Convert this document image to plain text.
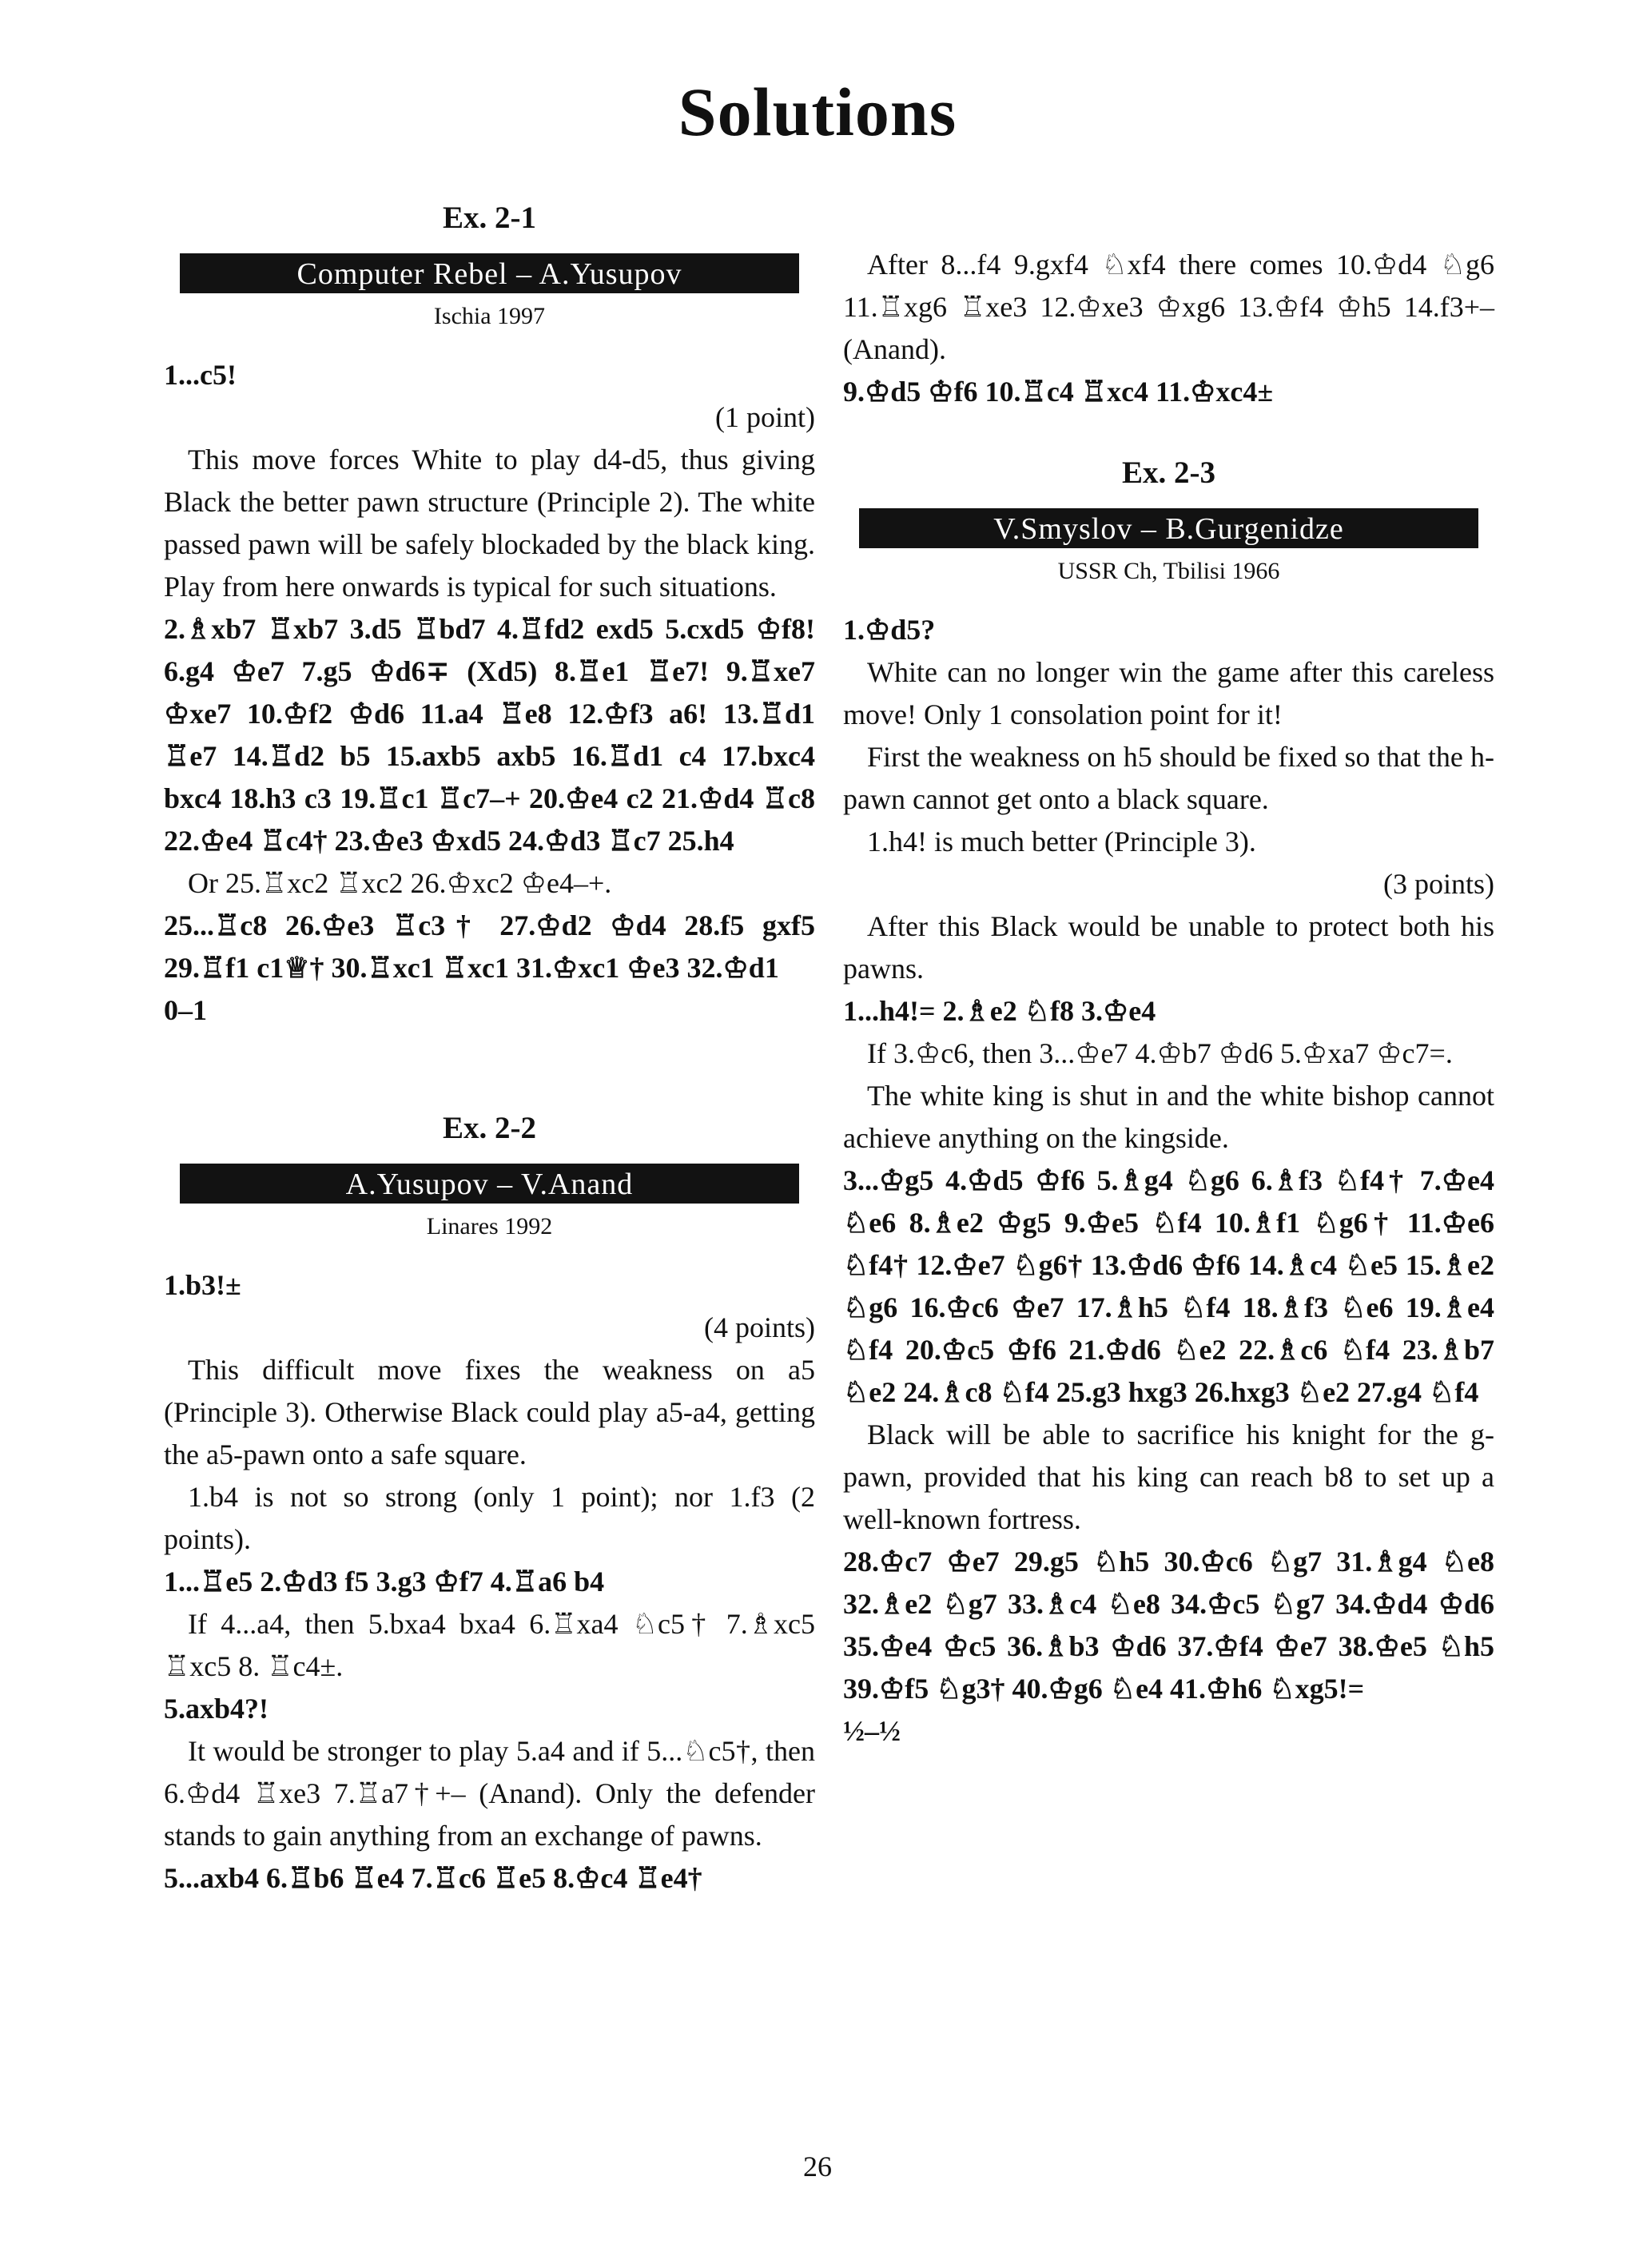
Solutions
Ex. 2-1
Computer Rebel – A.Yusupov
Ischia 1997

1...c5!

(1 point)

This move forces White to play d4-d5, thus giving Black the better pawn structure (Principle 2). The white passed pawn will be safely blockaded by the black king. Play from here onwards is typical for such situations.

2.♗xb7 ♖xb7 3.d5 ♖bd7 4.♖fd2 exd5 5.cxd5 ♔f8! 6.g4 ♔e7 7.g5 ♔d6∓ (Xd5) 8.♖e1 ♖e7! 9.♖xe7 ♔xe7 10.♔f2 ♔d6 11.a4 ♖e8 12.♔f3 a6! 13.♖d1 ♖e7 14.♖d2 b5 15.axb5 axb5 16.♖d1 c4 17.bxc4 bxc4 18.h3 c3 19.♖c1 ♖c7–+ 20.♔e4 c2 21.♔d4 ♖c8 22.♔e4 ♖c4† 23.♔e3 ♔xd5 24.♔d3 ♖c7 25.h4

Or 25.♖xc2 ♖xc2 26.♔xc2 ♔e4–+.

25...♖c8 26.♔e3 ♖c3† 27.♔d2 ♔d4 28.f5 gxf5 29.♖f1 c1♕† 30.♖xc1 ♖xc1 31.♔xc1 ♔e3 32.♔d1

0–1

Ex. 2-2
A.Yusupov – V.Anand
Linares 1992

1.b3!±

(4 points)

This difficult move fixes the weakness on a5 (Principle 3). Otherwise Black could play a5-a4, getting the a5-pawn onto a safe square.

1.b4 is not so strong (only 1 point); nor 1.f3 (2 points).

1...♖e5 2.♔d3 f5 3.g3 ♔f7 4.♖a6 b4

If 4...a4, then 5.bxa4 bxa4 6.♖xa4 ♘c5† 7.♗xc5 ♖xc5 8. ♖c4±.

5.axb4?!

It would be stronger to play 5.a4 and if 5...♘c5†, then 6.♔d4 ♖xe3 7.♖a7†+– (Anand). Only the defender stands to gain anything from an exchange of pawns.

5...axb4 6.♖b6 ♖e4 7.♖c6 ♖e5 8.♔c4 ♖e4†

After 8...f4 9.gxf4 ♘xf4 there comes 10.♔d4 ♘g6 11.♖xg6 ♖xe3 12.♔xe3 ♔xg6 13.♔f4 ♔h5 14.f3+– (Anand).

9.♔d5 ♔f6 10.♖c4 ♖xc4 11.♔xc4±

Ex. 2-3
V.Smyslov – B.Gurgenidze
USSR Ch, Tbilisi 1966

1.♔d5?

White can no longer win the game after this careless move! Only 1 consolation point for it!

First the weakness on h5 should be fixed so that the h-pawn cannot get onto a black square.

1.h4! is much better (Principle 3).

(3 points)

After this Black would be unable to protect both his pawns.

1...h4!= 2.♗e2 ♘f8 3.♔e4

If 3.♔c6, then 3...♔e7 4.♔b7 ♔d6 5.♔xa7 ♔c7=.

The white king is shut in and the white bishop cannot achieve anything on the kingside.

3...♔g5 4.♔d5 ♔f6 5.♗g4 ♘g6 6.♗f3 ♘f4† 7.♔e4 ♘e6 8.♗e2 ♔g5 9.♔e5 ♘f4 10.♗f1 ♘g6† 11.♔e6 ♘f4† 12.♔e7 ♘g6† 13.♔d6 ♔f6 14.♗c4 ♘e5 15.♗e2 ♘g6 16.♔c6 ♔e7 17.♗h5 ♘f4 18.♗f3 ♘e6 19.♗e4 ♘f4 20.♔c5 ♔f6 21.♔d6 ♘e2 22.♗c6 ♘f4 23.♗b7 ♘e2 24.♗c8 ♘f4 25.g3 hxg3 26.hxg3 ♘e2 27.g4 ♘f4

Black will be able to sacrifice his knight for the g-pawn, provided that his king can reach b8 to set up a well-known fortress.

28.♔c7 ♔e7 29.g5 ♘h5 30.♔c6 ♘g7 31.♗g4 ♘e8 32.♗e2 ♘g7 33.♗c4 ♘e8 34.♔c5 ♘g7 34.♔d4 ♔d6 35.♔e4 ♔c5 36.♗b3 ♔d6 37.♔f4 ♔e7 38.♔e5 ♘h5 39.♔f5 ♘g3† 40.♔g6 ♘e4 41.♔h6 ♘xg5!=

½–½

26
